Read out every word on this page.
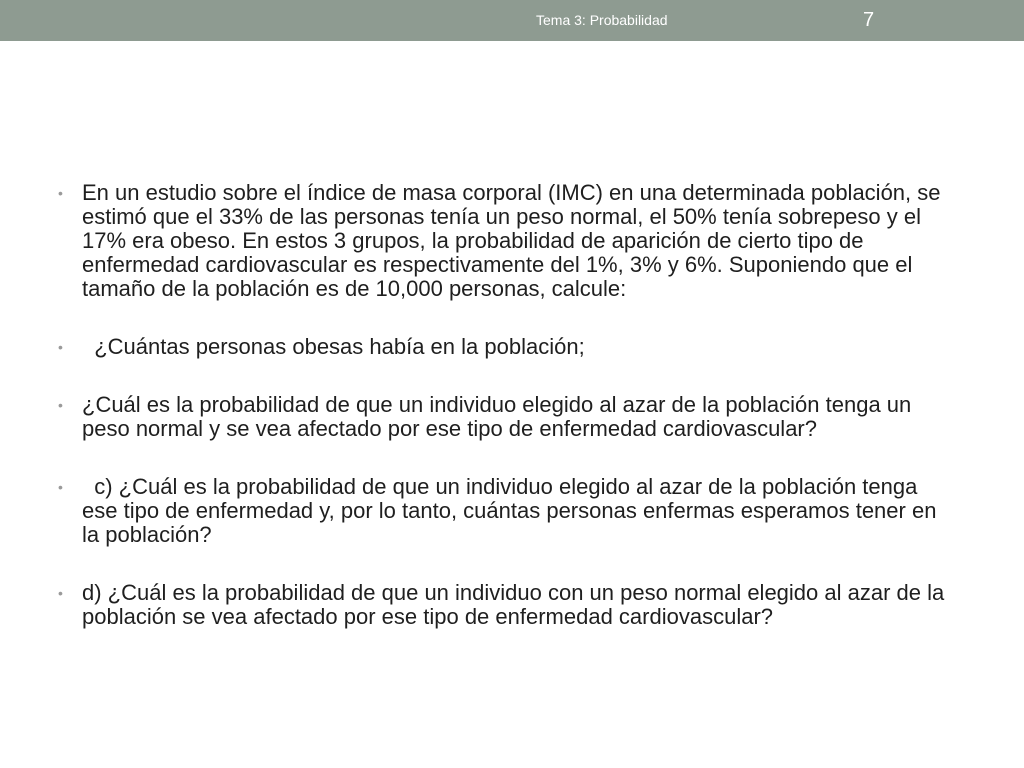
Tema 3: Probabilidad	7
• En un estudio sobre el índice de masa corporal (IMC) en una determinada población, se estimó que el 33% de las personas tenía un peso normal, el 50% tenía sobrepeso y el 17% era obeso. En estos 3 grupos, la probabilidad de aparición de cierto tipo de enfermedad cardiovascular es respectivamente del 1%, 3% y 6%. Suponiendo que el tamaño de la población es de 10,000 personas, calcule:
• ¿Cuántas personas obesas había en la población;
• ¿Cuál es la probabilidad de que un individuo elegido al azar de la población tenga un peso normal y se vea afectado por ese tipo de enfermedad cardiovascular?
• c) ¿Cuál es la probabilidad de que un individuo elegido al azar de la población tenga ese tipo de enfermedad y, por lo tanto, cuántas personas enfermas esperamos tener en la población?
• d) ¿Cuál es la probabilidad de que un individuo con un peso normal elegido al azar de la población se vea afectado por ese tipo de enfermedad cardiovascular?
